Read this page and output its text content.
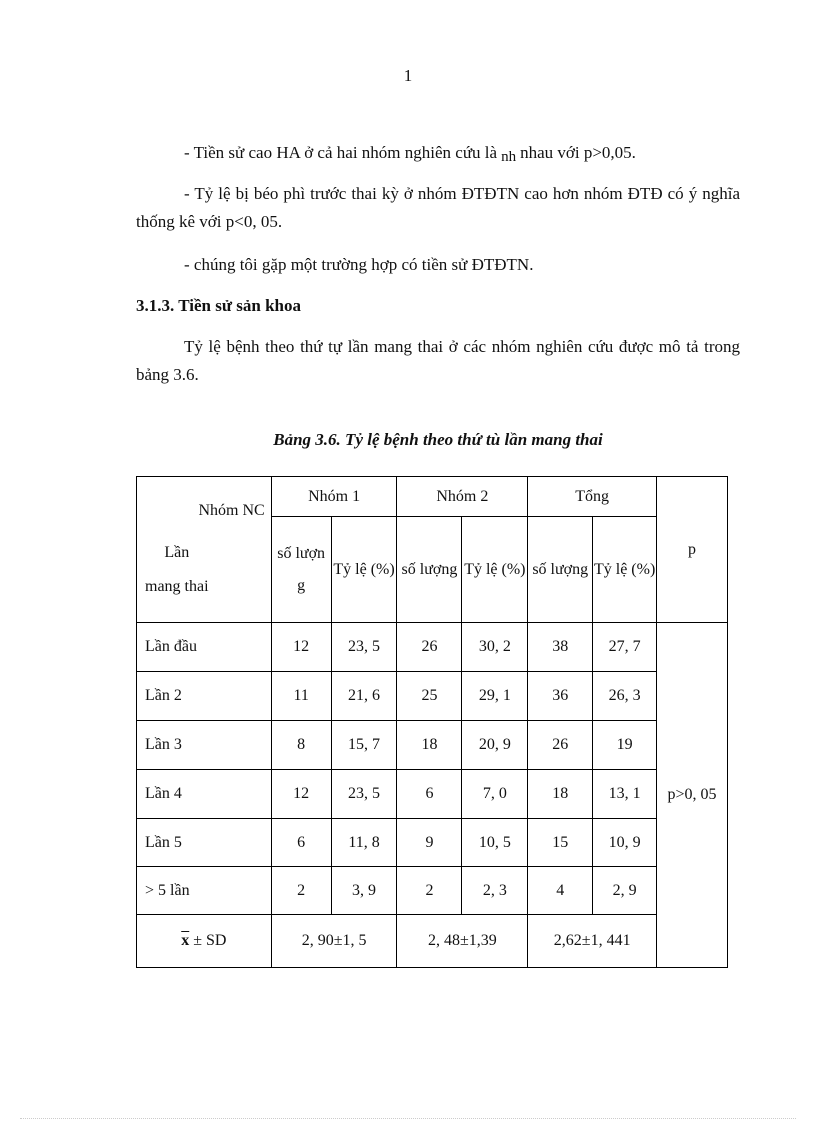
1
- Tiền sử cao HA ở cả hai nhóm nghiên cứu là nh nhau với p>0,05.
- Tỷ lệ bị béo phì trước thai kỳ ở nhóm ĐTĐTN cao hơn nhóm ĐTĐ có ý nghĩa thống kê với p<0, 05.
- chúng tôi gặp một trường hợp có tiền sử ĐTĐTN.
3.1.3. Tiền sử sản khoa
Tỷ lệ bệnh theo thứ tự lần mang thai ở các nhóm nghiên cứu được mô tả trong bảng 3.6.
Bảng 3.6. Tỷ lệ bệnh theo thứ tù lần mang thai
Nhóm NC
Lần
mang thai	Nhóm 1		Nhóm 2		Tổng		p
	số lượn g	Tỷ lệ (%)	số lượng	Tỷ lệ (%)	số lượng	Tỷ lệ (%)	
Lần đầu	12	23, 5	26	30, 2	38	27, 7	p>0, 05

Lần 2	11	21, 6	25	29, 1	36	26, 3	
Lần 3	8	15, 7	18	20, 9	26	19	
Lần 4	12	23, 5	6	7, 0	18	13, 1	
Lần 5	6	11, 8	9	10, 5	15	10, 9	
> 5 lần	2	3, 9	2	2, 3	4	2, 9	
$\overline{x}$ ± SD	2, 90±1, 5		2, 48±1,39		2,62±1, 441		
